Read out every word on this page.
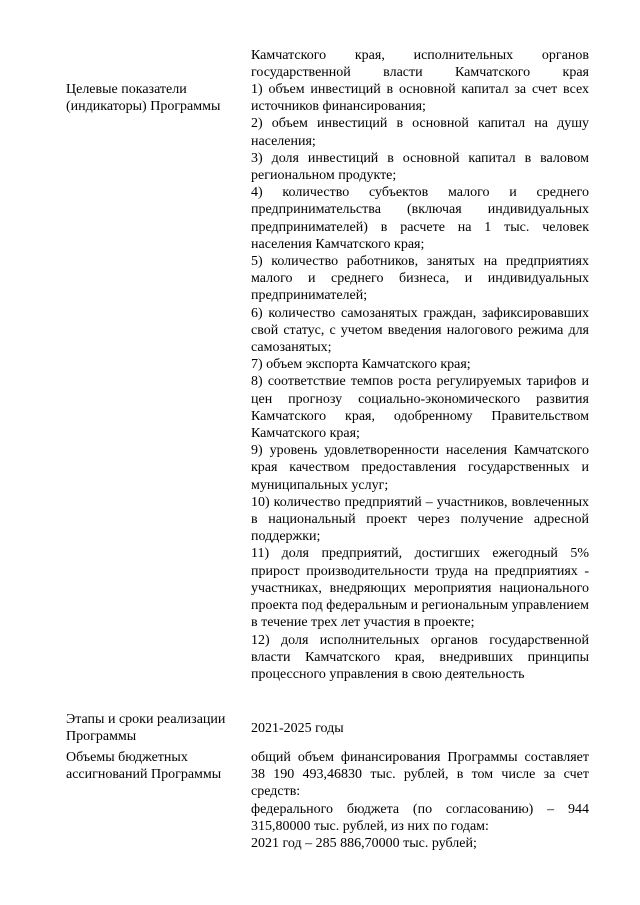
Камчатского края, исполнительных органов государственной власти Камчатского края

Целевые показатели (индикаторы) Программы

1) объем инвестиций в основной капитал за счет всех источников финансирования;

2) объем инвестиций в основной капитал на душу населения;

3) доля инвестиций в основной капитал в валовом региональном продукте;

4) количество субъектов малого и среднего предпринимательства (включая индивидуальных предпринимателей) в расчете на 1 тыс. человек населения Камчатского края;

5) количество работников, занятых на предприятиях малого и среднего бизнеса, и индивидуальных предпринимателей;

6) количество самозанятых граждан, зафиксировавших свой статус, с учетом введения налогового режима для самозанятых;

7) объем экспорта Камчатского края;

8) соответствие темпов роста регулируемых тарифов и цен прогнозу социально-экономического развития Камчатского края, одобренному Правительством Камчатского края;

9) уровень удовлетворенности населения Камчатского края качеством предоставления государственных и муниципальных услуг;

10) количество предприятий – участников, вовлеченных в национальный проект через получение адресной поддержки;

11) доля предприятий, достигших ежегодный 5% прирост производительности труда на предприятиях - участниках, внедряющих мероприятия национального проекта под федеральным и региональным управлением в течение трех лет участия в проекте;

12) доля исполнительных органов государственной власти Камчатского края, внедривших принципы процессного управления в свою деятельность

Этапы и сроки реализации Программы

2021-2025 годы

Объемы бюджетных ассигнований Программы

общий объем финансирования Программы составляет 38 190 493,46830 тыс. рублей, в том числе за счет средств:

федерального бюджета (по согласованию) – 944 315,80000 тыс. рублей, из них по годам:

2021 год – 285 886,70000 тыс. рублей;
